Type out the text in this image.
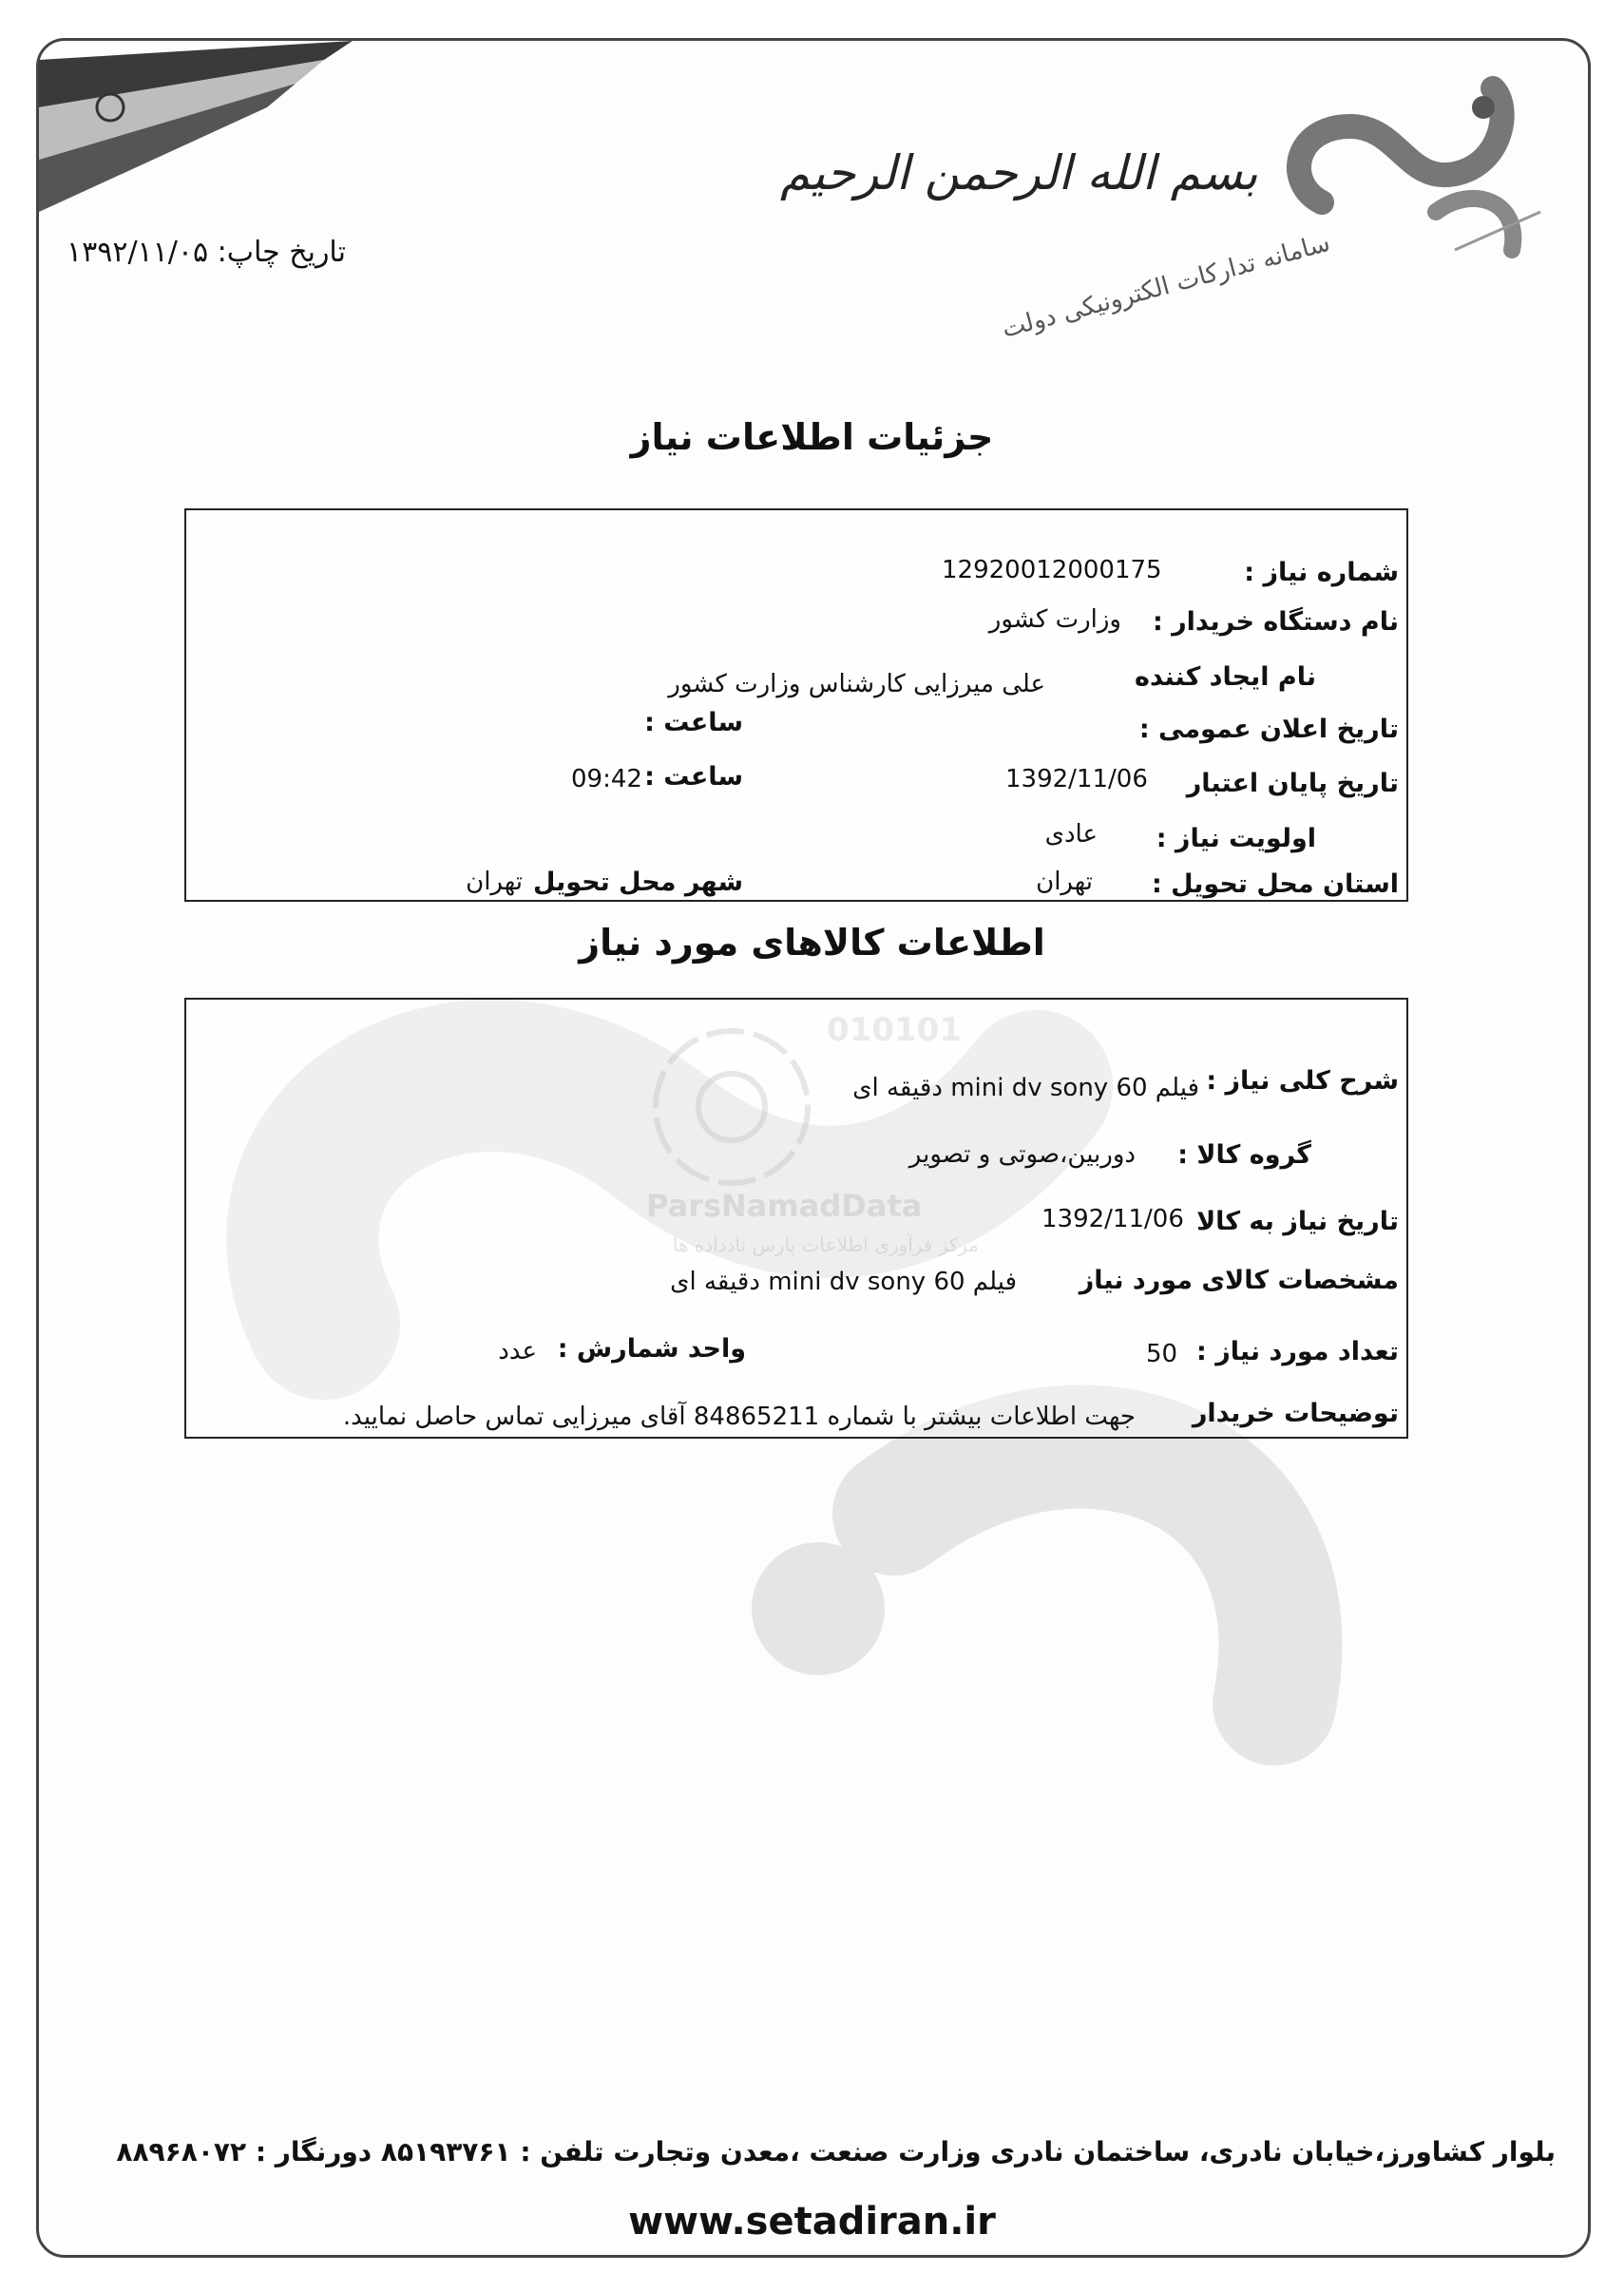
سامانه تدارکات الکترونیکی دولت
بسم الله الرحمن الرحیم
تاریخ چاپ: ۱۳۹۲/۱۱/۰۵
جزئیات اطلاعات نیاز
شماره نیاز :
12920012000175
نام دستگاه خریدار :
وزارت کشور
نام ایجاد کننده
علی میرزایی کارشناس وزارت کشور
تاریخ اعلان عمومی :
ساعت :
تاریخ پایان اعتبار
1392/11/06
ساعت :
09:42
اولویت نیاز :
عادی
استان محل تحویل :
تهران
شهر محل تحویل
تهران
اطلاعات کالاهای مورد نیاز
010101
ParsNamadData
مرکز فرآوری اطلاعات پارس نادداده ها
شرح کلی نیاز :
فیلم mini dv sony 60 دقیقه ای
گروه کالا :
دوربین،صوتی و تصویر
تاریخ نیاز به کالا
1392/11/06
مشخصات کالای مورد نیاز
فیلم mini dv sony 60 دقیقه ای
تعداد مورد نیاز :
50
واحد شمارش :
عدد
توضیحات خریدار
جهت اطلاعات بیشتر با شماره 84865211 آقای میرزایی تماس حاصل نمایید.
بلوار کشاورز،خیابان نادری، ساختمان نادری وزارت صنعت ،معدن وتجارت تلفن : ۸۵۱۹۳۷۶۱ دورنگار : ۸۸۹۶۸۰۷۲
www.setadiran.ir
